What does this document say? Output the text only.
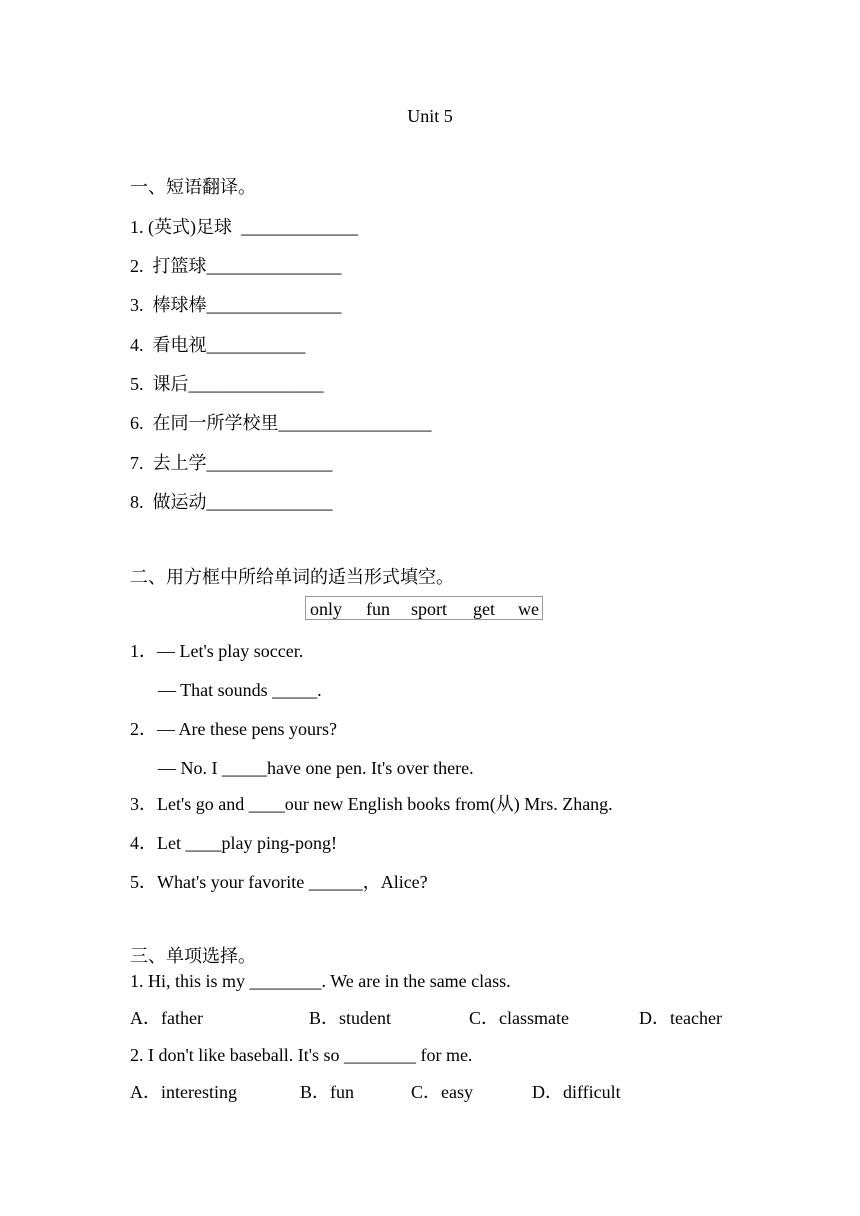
Unit 5
一、短语翻译。
1. (英式)足球  _____________
2.  打篮球_______________
3.  棒球棒_______________
4.  看电视___________
5.  课后_______________
6.  在同一所学校里_________________
7.  去上学______________
8.  做运动______________
二、用方框中所给单词的适当形式填空。
only fun sport get we
1．— Let's play soccer.
— That sounds _____.
2．— Are these pens yours?
— No. I _____have one pen. It's over there.
3．Let's go and ____our new English books from(从) Mrs. Zhang.
4．Let ____play ping-pong!
5．What's your favorite ______，Alice?
三、单项选择。
1. Hi, this is my ________. We are in the same class.
A．father	B．student	C．classmate	D．teacher
2. I don't like baseball. It's so ________ for me.
A．interesting	B．fun	C．easy	D．difficult
